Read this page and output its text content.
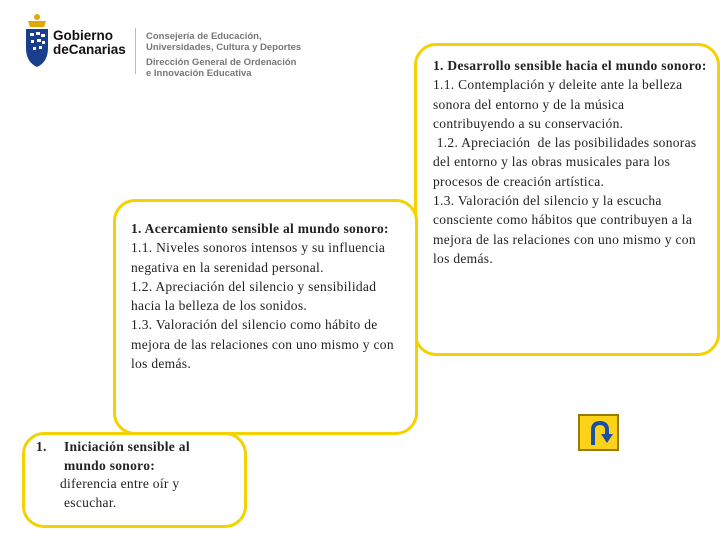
Gobierno
deCanarias
Consejería de Educación,
Universidades, Cultura y Deportes
Dirección General de Ordenación
e Innovación Educativa	1. Desarrollo sensible hacia el mundo sonoro:
1.1. Contemplación y deleite ante la belleza sonora del entorno y de la música contribuyendo a su conservación.
1.2. Apreciación  de las posibilidades sonoras del entorno y las obras musicales para los procesos de creación artística.
1.3. Valoración del silencio y la escucha consciente como hábitos que contribuyen a la mejora de las relaciones con uno mismo y con los demás.
1. Acercamiento sensible al mundo sonoro:
1.1. Niveles sonoros intensos y su influencia negativa en la serenidad personal.
1.2. Apreciación del silencio y sensibilidad hacia la belleza de los sonidos.
1.3. Valoración del silencio como hábito de mejora de las relaciones con uno mismo y con los demás.
1. Iniciación sensible al
mundo sonoro:
diferencia entre oír y
escuchar.
